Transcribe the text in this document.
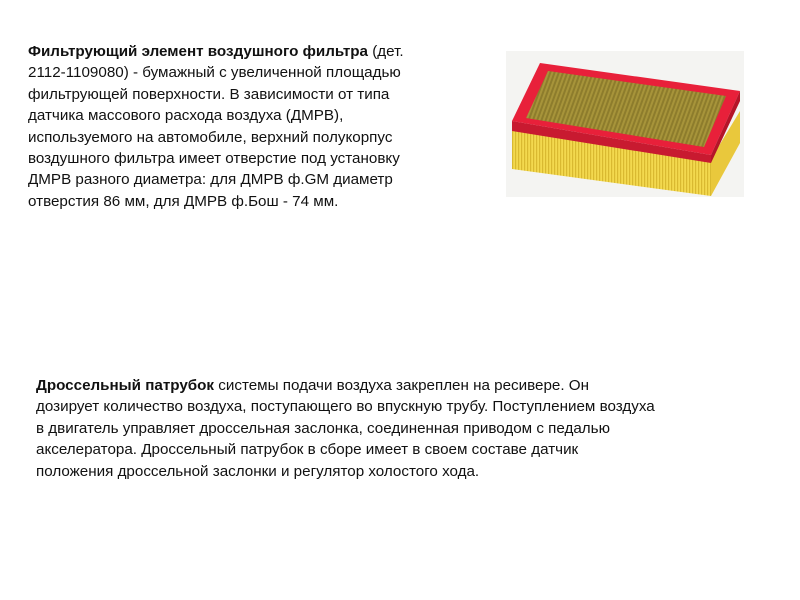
Фильтрующий элемент воздушного фильтра (дет.
2112-1109080) - бумажный с увеличенной площадью
фильтрующей поверхности. В зависимости от типа
датчика массового расхода воздуха (ДМРВ),
используемого на автомобиле, верхний полукорпус
воздушного фильтра имеет отверстие под установку
ДМРВ разного диаметра: для ДМРВ ф.GM диаметр
отверстия 86 мм, для ДМРВ ф.Бош - 74 мм.
Дроссельный патрубок системы подачи воздуха закреплен на ресивере. Он
дозирует количество воздуха, поступающего во впускную трубу. Поступлением воздуха
в двигатель управляет дроссельная заслонка, соединенная приводом с педалью
акселератора. Дроссельный патрубок в сборе имеет в своем составе датчик
положения дроссельной заслонки и регулятор холостого хода.
